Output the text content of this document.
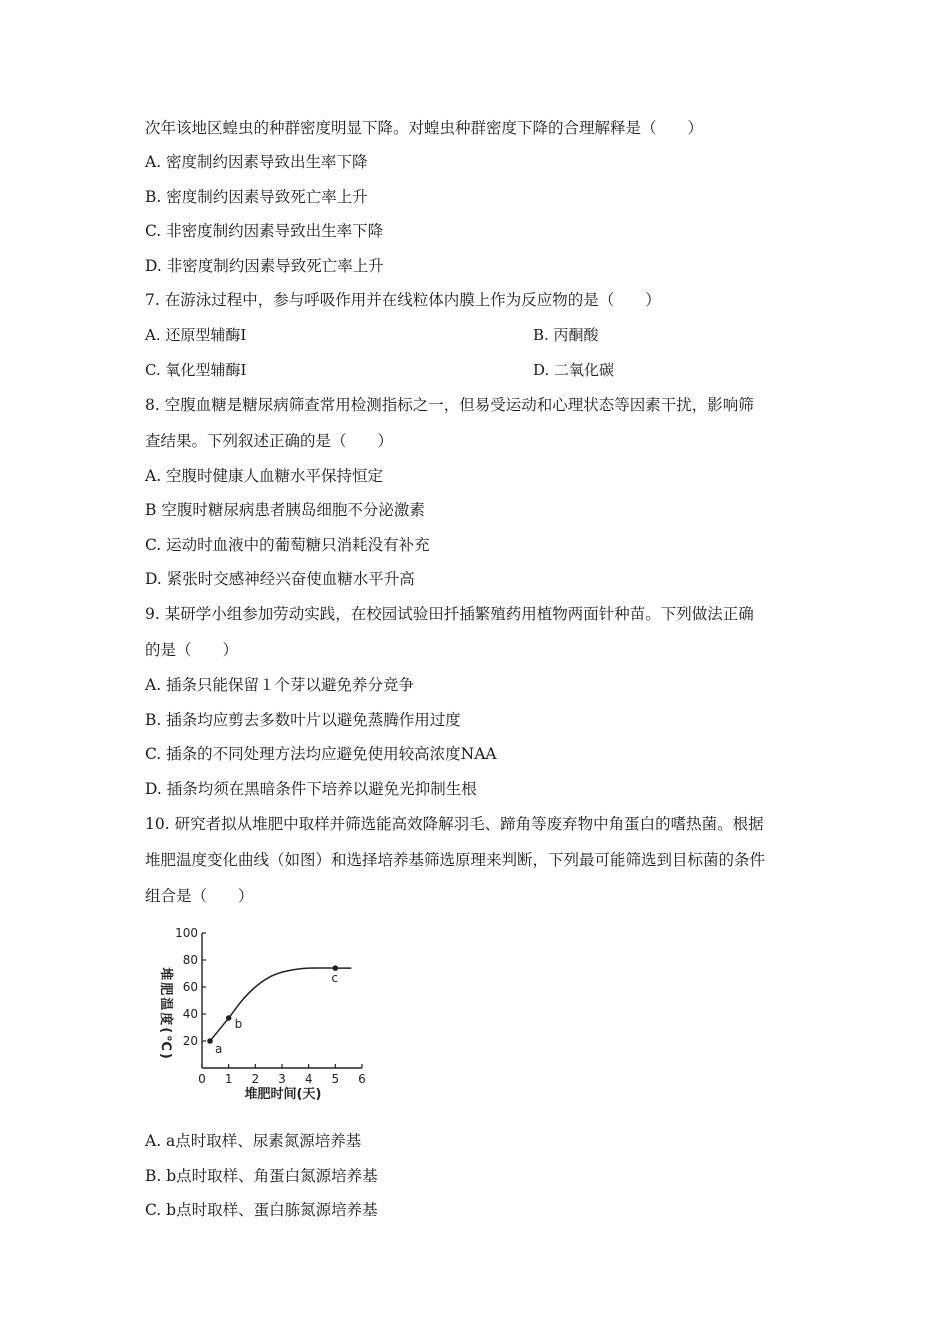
次年该地区蝗虫的种群密度明显下降。对蝗虫种群密度下降的合理解释是（　　）
A. 密度制约因素导致出生率下降
B. 密度制约因素导致死亡率上升
C. 非密度制约因素导致出生率下降
D. 非密度制约因素导致死亡率上升
7. 在游泳过程中，参与呼吸作用并在线粒体内膜上作为反应物的是（　　）
A. 还原型辅酶Ⅰ	B. 丙酮酸
C. 氧化型辅酶Ⅰ	D. 二氧化碳
8. 空腹血糖是糖尿病筛查常用检测指标之一，但易受运动和心理状态等因素干扰，影响筛
查结果。下列叙述正确的是（　　）
A. 空腹时健康人血糖水平保持恒定
B 空腹时糖尿病患者胰岛细胞不分泌激素
C. 运动时血液中的葡萄糖只消耗没有补充
D. 紧张时交感神经兴奋使血糖水平升高
9. 某研学小组参加劳动实践，在校园试验田扦插繁殖药用植物两面针种苗。下列做法正确
的是（　　）
A. 插条只能保留１个芽以避免养分竞争
B. 插条均应剪去多数叶片以避免蒸腾作用过度
C. 插条的不同处理方法均应避免使用较高浓度NAA
D. 插条均须在黑暗条件下培养以避免光抑制生根
10. 研究者拟从堆肥中取样并筛选能高效降解羽毛、蹄角等废弃物中角蛋白的嗜热菌。根据
堆肥温度变化曲线（如图）和选择培养基筛选原理来判断，下列最可能筛选到目标菌的条件
组合是（　　）
0 1 2 3 4 5 6
20
40
60
80
100
a
b
c
堆肥温度(℃)
堆肥时间(天)
A. a点时取样、尿素氮源培养基
B. b点时取样、角蛋白氮源培养基
C. b点时取样、蛋白胨氮源培养基
